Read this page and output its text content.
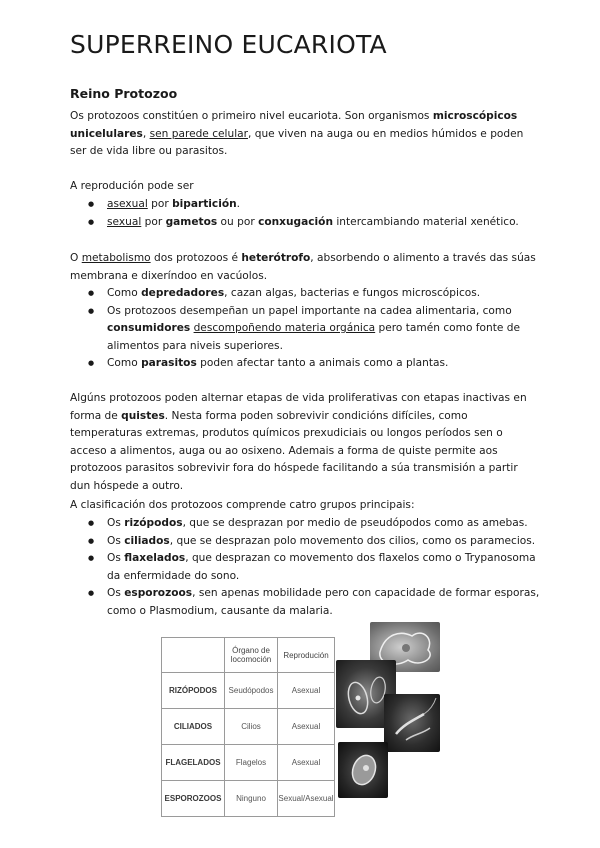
SUPERREINO EUCARIOTA
Reino Protozoo

Os protozoos constitúen o primeiro nivel eucariota. Son organismos microscópicos unicelulares, sen parede celular, que viven na auga ou en medios húmidos e poden ser de vida libre ou parasitos.

A reprodución pode ser

● asexual por bipartición.
● sexual por gametos ou por conxugación intercambiando material xenético.

O metabolismo dos protozoos é heterótrofo, absorbendo o alimento a través das súas membrana e dixeríndoo en vacúolos.

● Como depredadores, cazan algas, bacterias e fungos microscópicos.
● Os protozoos desempeñan un papel importante na cadea alimentaria, como consumidores descompoñendo materia orgánica pero tamén como fonte de alimentos para niveis superiores.
● Como parasitos poden afectar tanto a animais como a plantas.

Algúns protozoos poden alternar etapas de vida proliferativas con etapas inactivas en forma de quistes. Nesta forma poden sobrevivir condicións difíciles, como temperaturas extremas, produtos químicos prexudiciais ou longos períodos sen o acceso a alimentos, auga ou ao osixeno. Ademais a forma de quiste permite aos protozoos parasitos sobrevivir fora do hóspede facilitando a súa transmisión a partir dun hóspede a outro.

A clasificación dos protozoos comprende catro grupos principais:

● Os rizópodos, que se desprazan por medio de pseudópodos como as amebas.
● Os ciliados, que se desprazan polo movemento dos cilios, como os paramecios.
● Os flaxelados, que desprazan co movemento dos flaxelos como o Trypanosoma da enfermidade do sono.
● Os esporozoos, sen apenas mobilidade pero con capacidade de formar esporas, como o Plasmodium, causante da malaria.
	Órgano de locomoción	Reprodución
RIZÓPODOS	Seudópodos	Asexual
CILIADOS	Cilios	Asexual
FLAGELADOS	Flagelos	Asexual
ESPOROZOOS	Ninguno	Sexual/Asexual
